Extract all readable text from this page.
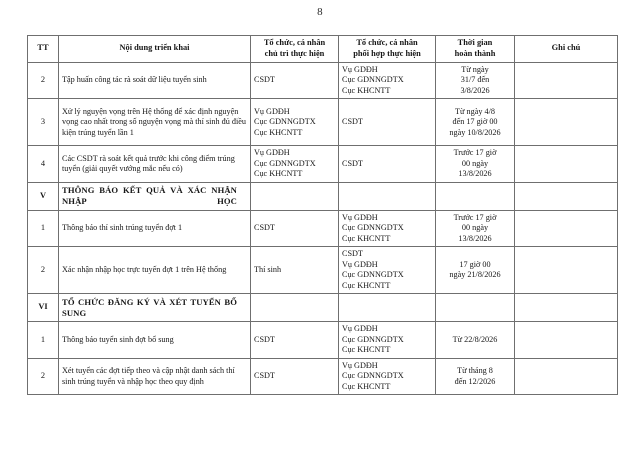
8
TT	Nội dung triển khai	Tổ chức, cá nhân
chủ trì thực hiện	Tổ chức, cá nhân
phối hợp thực hiện	Thời gian
hoàn thành	Ghi chú
2	Tập huấn công tác rà soát dữ liệu tuyển sinh	CSDT	Vụ GDĐH
Cục GDNNGDTX
Cục KHCNTT	Từ ngày
31/7 đến
3/8/2026	
3	Xử lý nguyện vọng trên Hệ thống để xác định nguyện vọng cao nhất trong số nguyện vọng mà thí sinh đủ điều kiện trúng tuyển lần 1	Vụ GDĐH
Cục GDNNGDTX
Cục KHCNTT	CSDT	Từ ngày 4/8
đến 17 giờ 00
ngày 10/8/2026	
4	Các CSDT rà soát kết quả trước khi công điểm trúng tuyển (giải quyết vướng mắc nếu có)	Vụ GDĐH
Cục GDNNGDTX
Cục KHCNTT	CSDT	Trước 17 giờ
00 ngày
13/8/2026	
V	THÔNG BÁO KẾT QUẢ VÀ XÁC NHẬN NHẬP HỌC				

1	Thông báo thí sinh trúng tuyển đợt 1	CSDT	Vụ GDĐH
Cục GDNNGDTX
Cục KHCNTT	Trước 17 giờ
00 ngày
13/8/2026	
2	Xác nhận nhập học trực tuyến đợt 1 trên Hệ thống	Thí sinh	CSDT
Vụ GDĐH
Cục GDNNGDTX
Cục KHCNTT	17 giờ 00
ngày 21/8/2026	
VI	TỔ CHỨC ĐĂNG KÝ VÀ XÉT TUYỂN BỔ SUNG				

1	Thông báo tuyển sinh đợt bổ sung	CSDT	Vụ GDĐH
Cục GDNNGDTX
Cục KHCNTT	Từ 22/8/2026	
2	Xét tuyển các đợt tiếp theo và cập nhật danh sách thí sinh trúng tuyển và nhập học theo quy định	CSDT	Vụ GDĐH
Cục GDNNGDTX
Cục KHCNTT	Từ tháng 8
đến 12/2026	
